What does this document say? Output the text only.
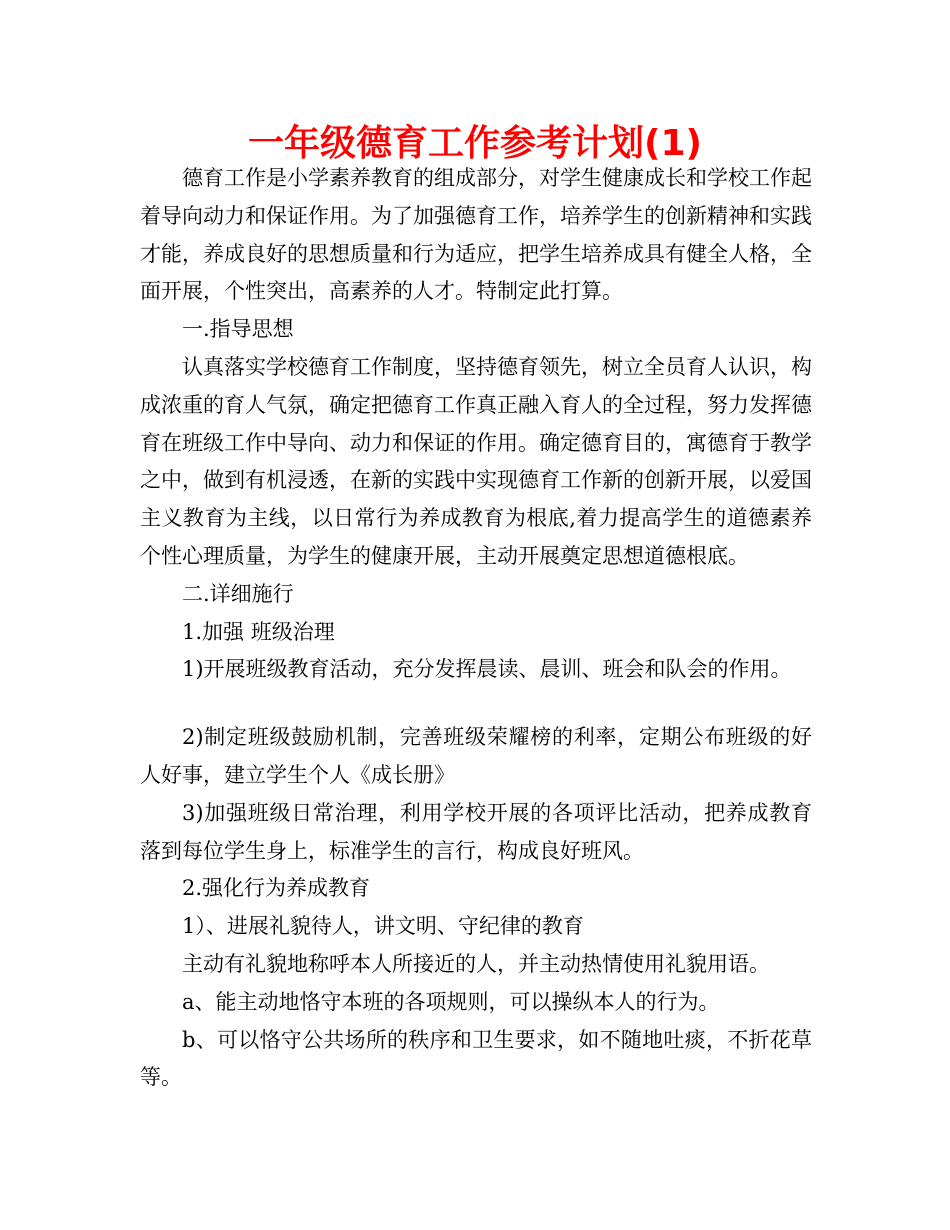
一年级德育工作参考计划(1)

德育工作是小学素养教育的组成部分，对学生健康成长和学校工作起着导向动力和保证作用。为了加强德育工作，培养学生的创新精神和实践才能，养成良好的思想质量和行为适应，把学生培养成具有健全人格，全面开展，个性突出，高素养的人才。特制定此打算。

一.指导思想

认真落实学校德育工作制度，坚持德育领先，树立全员育人认识，构成浓重的育人气氛，确定把德育工作真正融入育人的全过程，努力发挥德育在班级工作中导向、动力和保证的作用。确定德育目的，寓德育于教学之中，做到有机浸透，在新的实践中实现德育工作新的创新开展，以爱国主义教育为主线，以日常行为养成教育为根底,着力提高学生的道德素养个性心理质量，为学生的健康开展，主动开展奠定思想道德根底。

二.详细施行

1.加强 班级治理

1)开展班级教育活动，充分发挥晨读、晨训、班会和队会的作用。

2)制定班级鼓励机制，完善班级荣耀榜的利率，定期公布班级的好人好事，建立学生个人《成长册》

3)加强班级日常治理，利用学校开展的各项评比活动，把养成教育落到每位学生身上，标准学生的言行，构成良好班风。

2.强化行为养成教育

1）、进展礼貌待人，讲文明、守纪律的教育

主动有礼貌地称呼本人所接近的人，并主动热情使用礼貌用语。

a、能主动地恪守本班的各项规则，可以操纵本人的行为。

b、可以恪守公共场所的秩序和卫生要求，如不随地吐痰，不折花草等。
